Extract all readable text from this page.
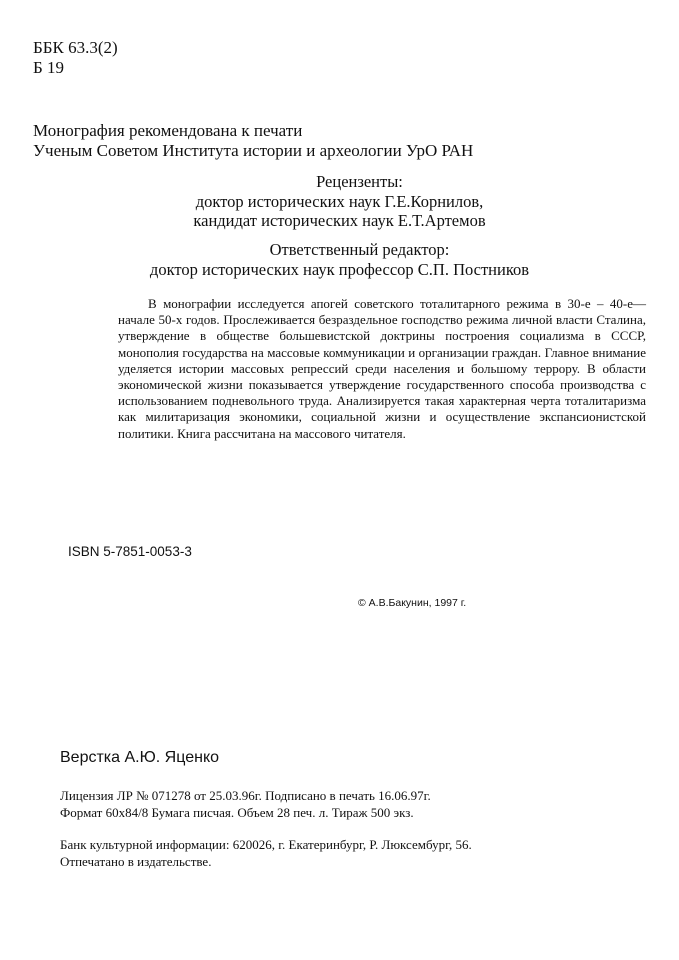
ББК 63.3(2)
Б 19
Монография рекомендована к печати
Ученым Советом Института истории и археологии УрО РАН
Рецензенты:
доктор исторических наук Г.Е.Корнилов,
кандидат исторических наук Е.Т.Артемов
Ответственный редактор:
доктор исторических наук профессор С.П. Постников

В монографии исследуется апогей советского тоталитарного режима в 30-е – 40-е—начале 50-х годов. Прослеживается безраздельное господство режима личной власти Сталина, утверждение в обществе большевистской доктрины построения социализма в СССР, монополия государства на массовые коммуникации и организации граждан. Главное внимание уделяется истории массовых репрессий среди населения и большому террору. В области экономической жизни показывается утверждение государственного способа производства с использованием подневольного труда. Анализируется такая характерная черта тоталитаризма как милитаризация экономики, социальной жизни и осуществление экспансионистской политики. Книга рассчитана на массового читателя.

ISBN 5-7851-0053-3
© А.В.Бакунин, 1997 г.
Верстка А.Ю. Яценко
Лицензия ЛР № 071278 от 25.03.96г. Подписано в печать 16.06.97г.
Формат 60х84/8 Бумага писчая. Объем 28 печ. л. Тираж 500 экз.
Банк культурной информации: 620026, г. Екатеринбург, Р. Люксембург, 56.
Отпечатано в издательстве.
